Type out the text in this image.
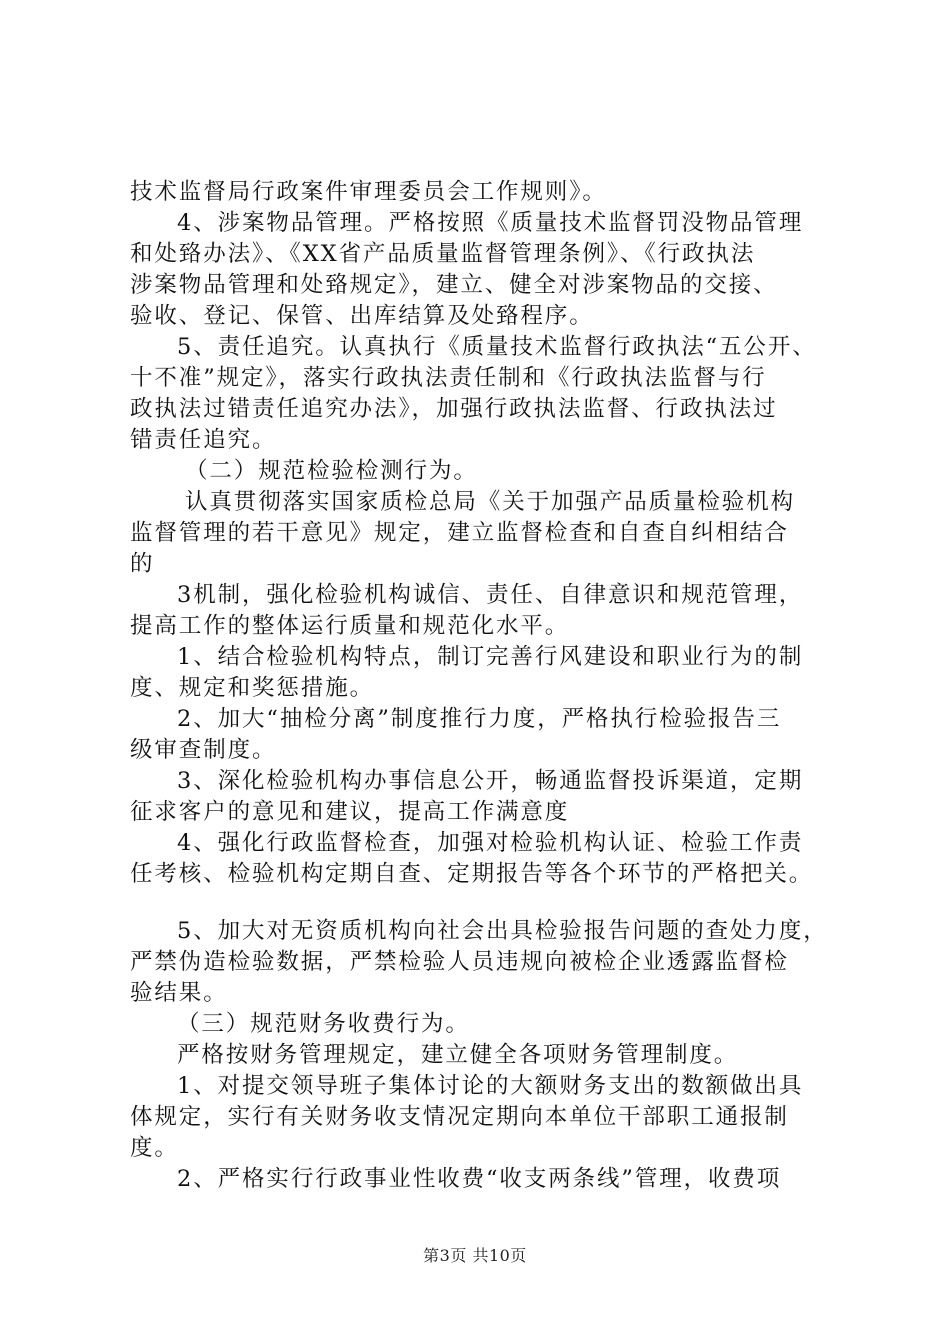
技术监督局行政案件审理委员会工作规则》。
4、涉案物品管理。严格按照《质量技术监督罚没物品管理
和处臵办法》、《XX省产品质量监督管理条例》、《行政执法
涉案物品管理和处臵规定》，建立、健全对涉案物品的交接、
验收、登记、保管、出库结算及处臵程序。
5、责任追究。认真执行《质量技术监督行政执法“五公开、
十不准”规定》，落实行政执法责任制和《行政执法监督与行
政执法过错责任追究办法》，加强行政执法监督、行政执法过
错责任追究。
（二）规范检验检测行为。
认真贯彻落实国家质检总局《关于加强产品质量检验机构
监督管理的若干意见》规定，建立监督检查和自查自纠相结合
的
3机制，强化检验机构诚信、责任、自律意识和规范管理，
提高工作的整体运行质量和规范化水平。
1、结合检验机构特点，制订完善行风建设和职业行为的制
度、规定和奖惩措施。
2、加大“抽检分离”制度推行力度，严格执行检验报告三
级审查制度。
3、深化检验机构办事信息公开，畅通监督投诉渠道，定期
征求客户的意见和建议，提高工作满意度
4、强化行政监督检查，加强对检验机构认证、检验工作责
任考核、检验机构定期自查、定期报告等各个环节的严格把关。
5、加大对无资质机构向社会出具检验报告问题的查处力度，
严禁伪造检验数据，严禁检验人员违规向被检企业透露监督检
验结果。
（三）规范财务收费行为。
严格按财务管理规定，建立健全各项财务管理制度。
1、对提交领导班子集体讨论的大额财务支出的数额做出具
体规定，实行有关财务收支情况定期向本单位干部职工通报制
度。
2、严格实行行政事业性收费“收支两条线”管理，收费项
第3页 共10页
